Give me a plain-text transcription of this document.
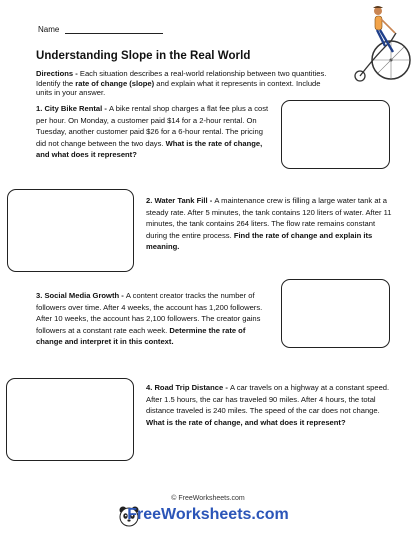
Name
Understanding Slope in the Real World
Directions - Each situation describes a real-world relationship between two quantities. Identify the rate of change (slope) and explain what it represents in context. Include units in your answer.
1. City Bike Rental - A bike rental shop charges a flat fee plus a cost per hour. On Monday, a customer paid $14 for a 2-hour rental. On Tuesday, another customer paid $26 for a 6-hour rental. The pricing did not change between the two days. What is the rate of change, and what does it represent?
2. Water Tank Fill - A maintenance crew is filling a large water tank at a steady rate. After 5 minutes, the tank contains 120 liters of water. After 11 minutes, the tank contains 264 liters. The flow rate remains constant during the entire process. Find the rate of change and explain its meaning.
3. Social Media Growth - A content creator tracks the number of followers over time. After 4 weeks, the account has 1,200 followers. After 10 weeks, the account has 2,100 followers. The creator gains followers at a constant rate each week. Determine the rate of change and interpret it in this context.
4. Road Trip Distance - A car travels on a highway at a constant speed. After 1.5 hours, the car has traveled 90 miles. After 4 hours, the total distance traveled is 240 miles. The speed of the car does not change. What is the rate of change, and what does it represent?
© FreeWorksheets.com
FreeWorksheets.com
